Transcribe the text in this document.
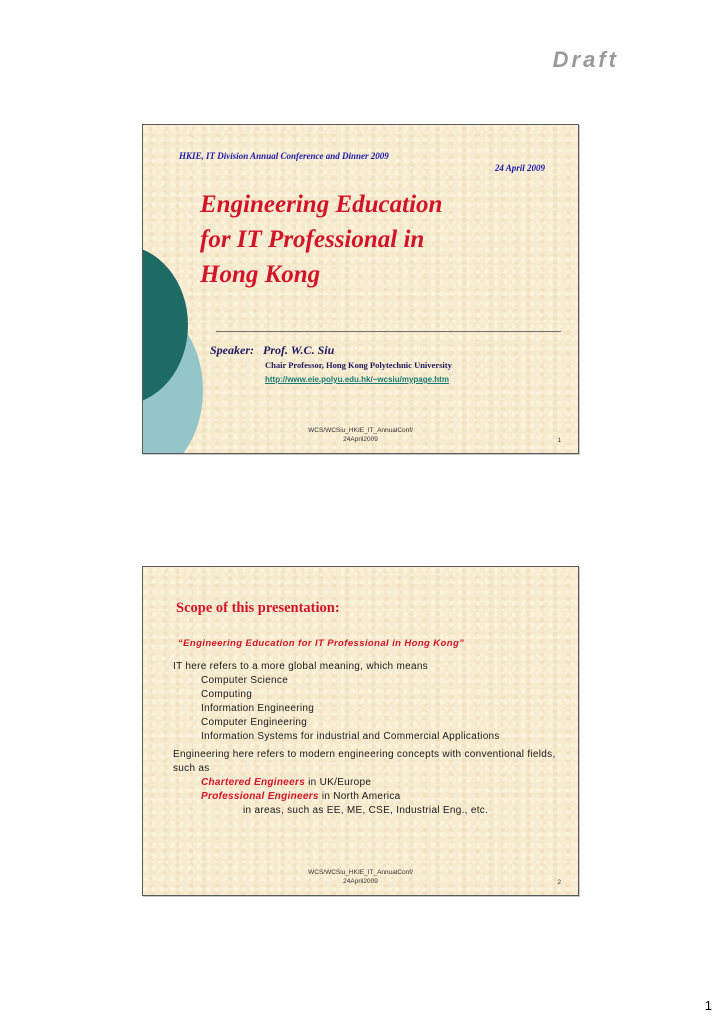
Draft
HKIE, IT Division Annual Conference and Dinner 2009
24 April 2009
Engineering Education
for IT Professional in
Hong Kong
Speaker: Prof. W.C. Siu
Chair Professor, Hong Kong Polytechnic University
http://www.eie.polyu.edu.hk/~wcsiu/mypage.htm
WCS/WCSiu_HKIE_IT_AnnualConf/
24April2009	1
Scope of this presentation:
“Engineering Education for IT Professional in Hong Kong”
IT here refers to a more global meaning, which means
Computer Science
Computing
Information Engineering
Computer Engineering
Information Systems for industrial and Commercial Applications
Engineering here refers to modern engineering concepts with conventional fields, such as
Chartered Engineers in UK/Europe
Professional Engineers in North America
in areas, such as EE, ME, CSE, Industrial Eng., etc.
WCS/WCSiu_HKIE_IT_AnnualConf/
24April2009	2
1
